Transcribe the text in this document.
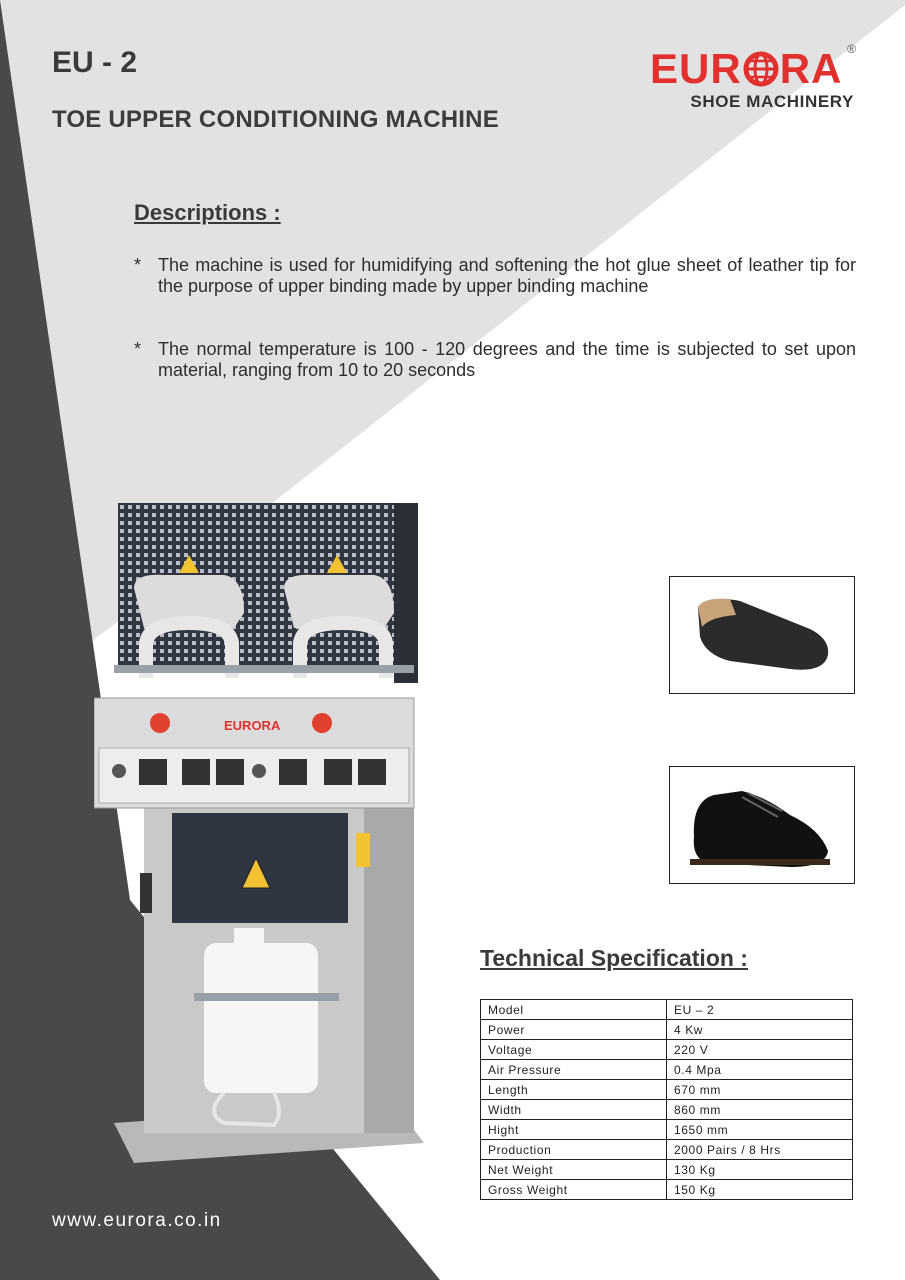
EU - 2
TOE UPPER CONDITIONING MACHINE
EUR RA ®
SHOE MACHINERY
Descriptions :
* The machine is used for humidifying and softening the hot glue sheet of leather tip for the purpose of upper binding made by upper binding machine
* The normal temperature is 100 - 120 degrees and the time is subjected to set upon material, ranging from 10 to 20 seconds
EURORA
Technical Specification :
Model	EU – 2
Power	4 Kw
Voltage	220 V
Air Pressure	0.4 Mpa
Length	670 mm
Width	860 mm
Hight	1650 mm
Production	2000 Pairs / 8 Hrs
Net Weight	130 Kg
Gross Weight	150 Kg
www.eurora.co.in
